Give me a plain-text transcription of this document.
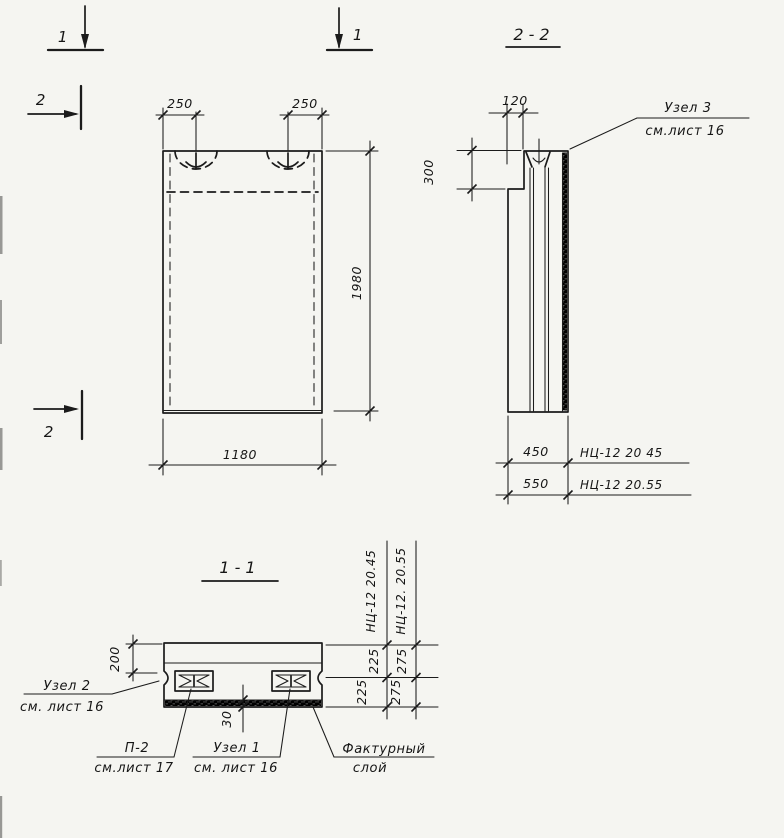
1	1
2
2
250	250
1980
1180
2-2
120
300
Узел 3
см.лист 16
450	НЦ-12 20 45
550	НЦ-12 20.55
1-1
200
30
225
225
275
275
НЦ-12 20.45 НЦ-12. 20.55
Узел 2
см. лист 16
П-2
см.лист 17
Узел 1
см. лист 16
Фактурный
слой
